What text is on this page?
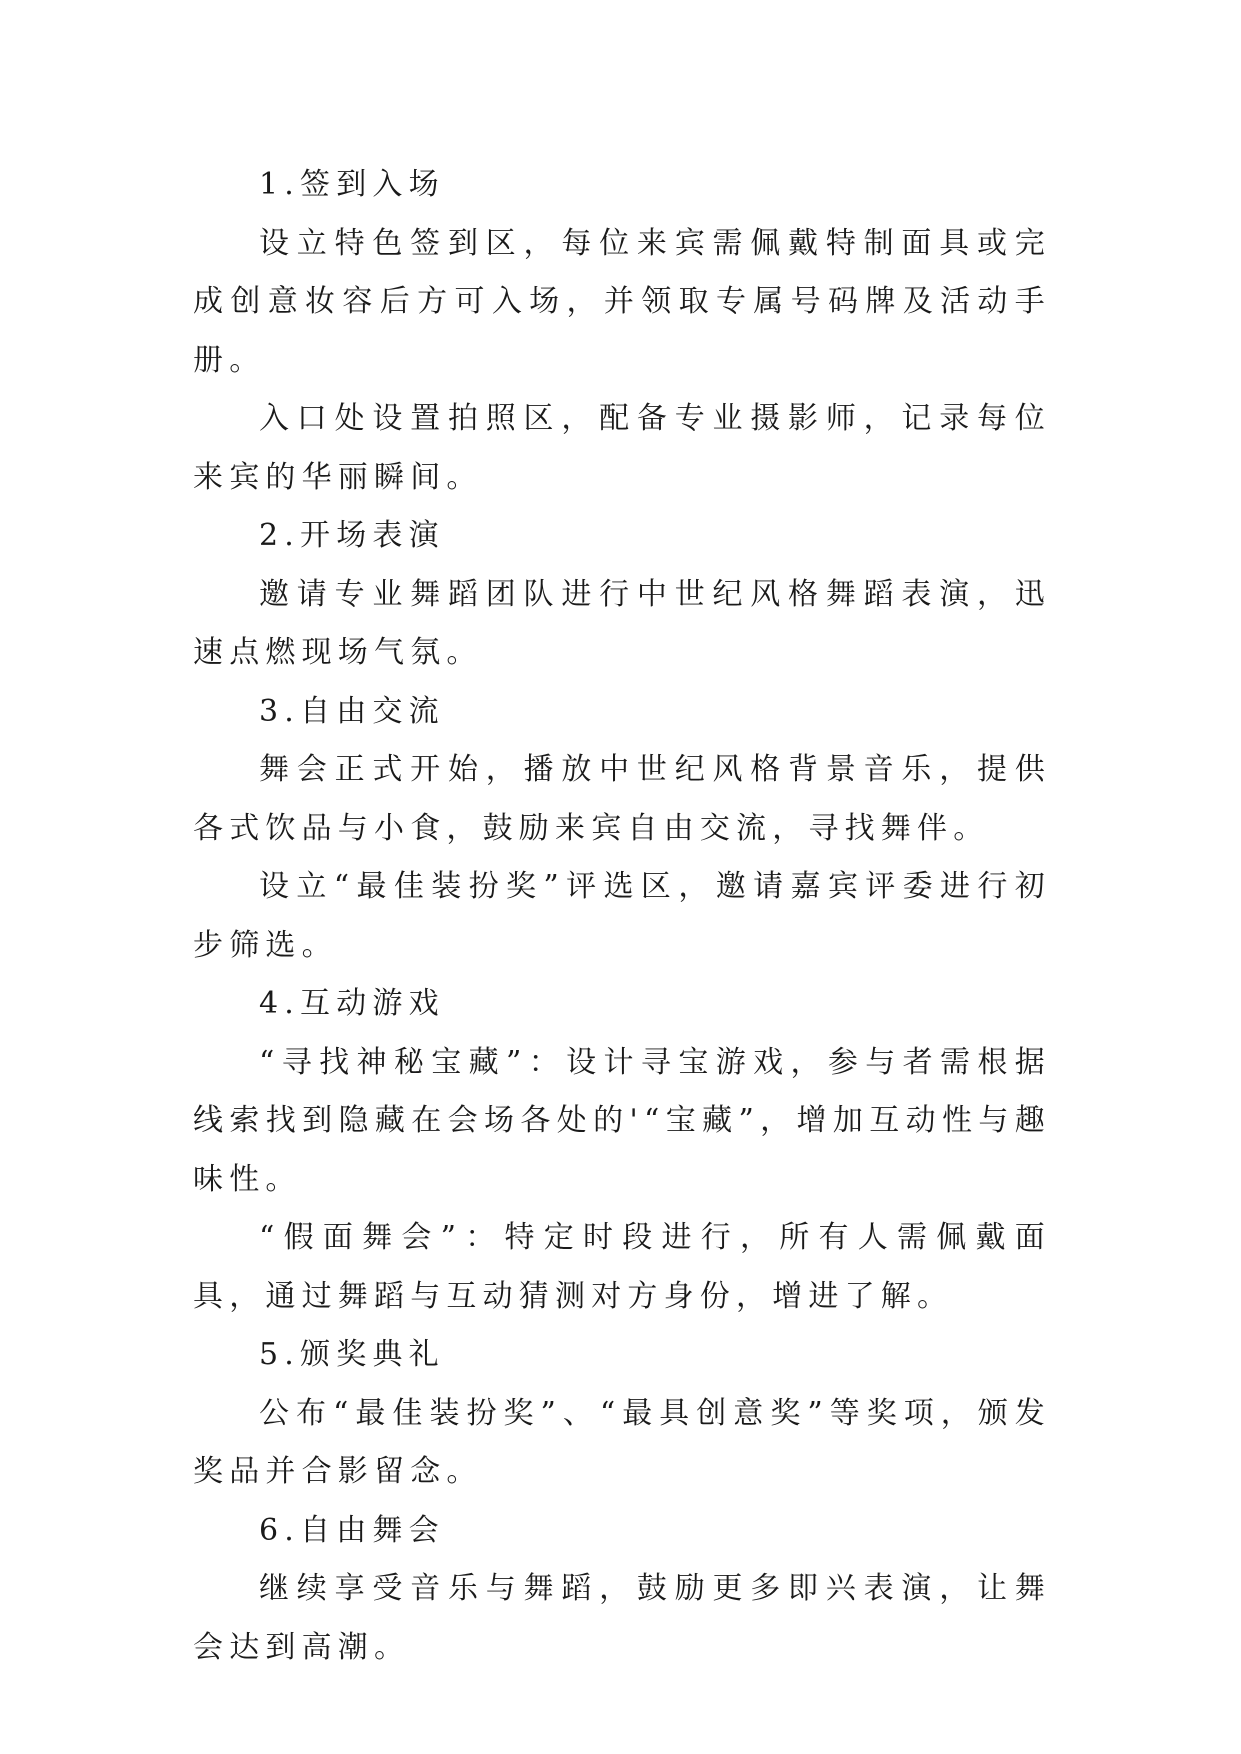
1.签到入场

设立特色签到区，每位来宾需佩戴特制面具或完成创意妆容后方可入场，并领取专属号码牌及活动手册。

入口处设置拍照区，配备专业摄影师，记录每位来宾的华丽瞬间。

2.开场表演

邀请专业舞蹈团队进行中世纪风格舞蹈表演，迅速点燃现场气氛。

3.自由交流

舞会正式开始，播放中世纪风格背景音乐，提供各式饮品与小食，鼓励来宾自由交流，寻找舞伴。

设立“最佳装扮奖”评选区，邀请嘉宾评委进行初步筛选。

4.互动游戏

“寻找神秘宝藏”：设计寻宝游戏，参与者需根据线索找到隐藏在会场各处的'“宝藏”，增加互动性与趣味性。

“假面舞会”：特定时段进行，所有人需佩戴面具，通过舞蹈与互动猜测对方身份，增进了解。

5.颁奖典礼

公布“最佳装扮奖”、“最具创意奖”等奖项，颁发奖品并合影留念。

6.自由舞会

继续享受音乐与舞蹈，鼓励更多即兴表演，让舞会达到高潮。
